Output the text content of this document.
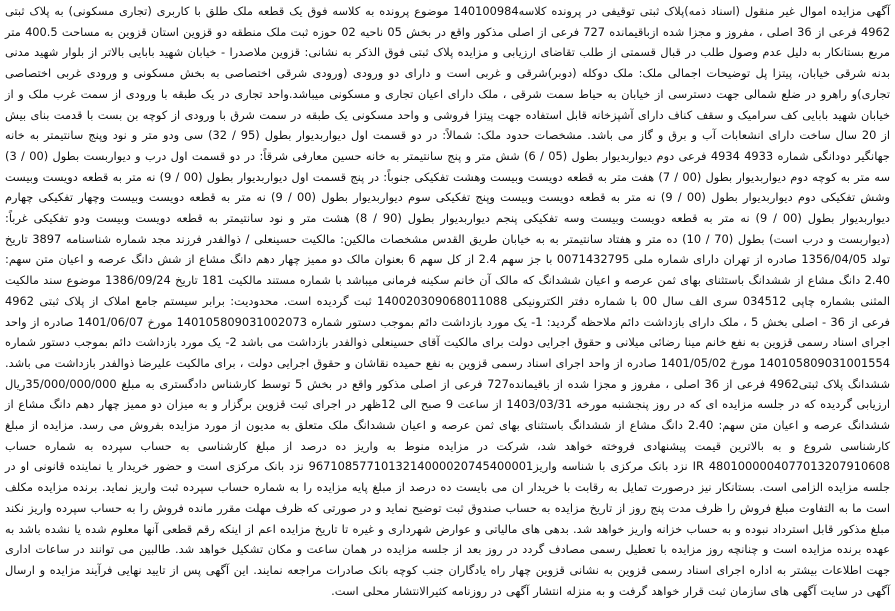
آگهی مزایده اموال غیر منقول (اسناد ذمه)پلاک ثبتی توقیفی در پرونده کلاسه140100984 موضوع پرونده به کلاسه فوق یک قطعه ملک طلق با کاربری (تجاری مسکونی) به پلاک ثبتی 4962 فرعی از 36 اصلی ، مفروز و مجزا شده ازباقیمانده 727 فرعی از اصلی مذکور واقع در بخش 05 ناحیه 02 حوزه ثبت ملک منطقه دو قزوین استان قزوین به مساحت 400.5 متر مربع بستانکار به دلیل عدم وصول طلب در قبال قسمتی از طلب تقاضای ارزیابی و مزایده پلاک ثبتی فوق الذکر به نشانی: قزوین ملاصدرا - خیابان شهید بابایی بالاتر از بلوار شهید مدنی بدنه شرقی خیابان، پیتزا پل توضیحات اجمالی ملک: ملک دوکله (دوبر)شرقی و غربی است و دارای دو ورودی (ورودی شرقی اختصاصی به بخش مسکونی و ورودی غربی اختصاصی تجاری)و راهرو در ضلع شمالی جهت دسترسی از خیابان به حیاط سمت شرقی ، ملک دارای اعیان تجاری و مسکونی میباشد.واحد تجاری در یک طبقه با ورودی از سمت غرب ملک و از خیابان شهید بابایی کف سرامیک و سقف کناف دارای آشپزخانه قابل استفاده جهت پیتزا فروشی و واحد مسکونی یک طبقه در سمت شرق با ورودی از کوچه بن بست با قدمت بنای بیش از 20 سال ساخت دارای انشعابات آب و برق و گاز می باشد. مشخصات حدود ملک: شمالاً: در دو قسمت اول دیواربدیوار بطول (95 / 32) سی ودو متر و نود وپنج سانتیمتر به خانه جهانگیر دودانگی شماره 4933 4934 فرعی دوم دیواربدیوار بطول (05 / 6) شش متر و پنج سانتیمتر به خانه حسین معارفی شرقاً: در دو قسمت اول درب و دیواربست بطول (00 / 3) سه متر به کوچه دوم دیواربدیوار بطول (00 / 7) هفت متر به قطعه دویست وبیست وهشت تفکیکی جنوباً: در پنج قسمت اول دیواربدیوار بطول (00 / 9) نه متر به قطعه دویست وبیست وشش تفکیکی دوم دیواربدیوار بطول (00 / 9) نه متر به قطعه دویست وبیست وپنج تفکیکی سوم دیواربدیوار بطول (00 / 9) نه متر به قطعه دویست وبیست وچهار تفکیکی چهارم دیواربدیوار بطول (00 / 9) نه متر به قطعه دویست وبیست وسه تفکیکی پنجم دیواربدیوار بطول (90 / 8) هشت متر و نود سانتیمتر به قطعه دویست وبیست ودو تفکیکی غرباً: (دیواربست و درب است) بطول (70 / 10) ده متر و هفتاد سانتیمتر به به خیابان طریق القدس مشخصات مالکین: مالکیت حسینعلی / ذوالفدر فرزند مجد شماره شناسنامه 3897 تاریخ تولد 1356/04/05 صادره از تهران دارای شماره ملی 0071432795 با جز سهم 2.4 از کل سهم 6 بعنوان مالک دو ممیز چهار دهم دانگ مشاع از شش دانگ عرصه و اعیان متن سهم: 2.40 دانگ مشاع از ششدانگ باستثنای بهای ثمن عرصه و اعیان ششدانگ که مالک آن خانم سکینه فرمانی میباشد با شماره مستند مالکیت 181 تاریخ 1386/09/24 موضوع سند مالکیت المثنی بشماره چاپی 034512 سری الف سال 00 با شماره دفتر الکترونیکی 140020309068011088 ثبت گردیده است. محدودیت: برابر سیستم جامع املاک از پلاک ثبتی 4962 فرعی از 36 - اصلی بخش 5 ، ملک دارای بازداشت دائم ملاحظه گردید: 1- یک مورد بازداشت دائم بموجب دستور شماره 140105809031002073 مورخ 1401/06/07 صادره از واحد اجرای اسناد رسمی قزوین به نفع خانم مینا رضائی میلانی و حقوق اجرایی دولت برای مالکیت آقای حسینعلی ذوالفدر بازداشت می باشد 2- یک مورد بازداشت دائم بموجب دستور شماره 140105809031001554 مورخ 1401/05/02 صادره از واحد اجرای اسناد رسمی قزوین به نفع حمیده نقاشان و حقوق اجرایی دولت ، برای مالکیت علیرضا ذوالفدر بازداشت می باشد. ششدانگ پلاک ثبتی4962 فرعی از 36 اصلی ، مفروز و مجزا شده از باقیمانده727 فرعی از اصلی مذکور واقع در بخش 5 توسط کارشناس دادگستری به مبلغ 35/000/000/000ریال ارزیابی گردیده که در جلسه مزایده ای که در روز پنجشنبه مورخه 1403/03/31 از ساعت 9 صبح الی 12ظهر در اجرای ثبت قزوین برگزار و به میزان دو ممیز چهار دهم دانگ مشاع از ششدانگ عرصه و اعیان متن سهم: 2.40 دانگ مشاع از ششدانگ باستثنای بهای ثمن عرصه و اعیان ششدانگ ملک متعلق به مدیون از مورد مزایده بفروش می رسد. مزایده از مبلغ کارشناسی شروع و به بالاترین قیمت پیشنهادی فروخته خواهد شد، شرکت در مزایده منوط به واریز ده درصد از مبلغ کارشناسی به حساب سپرده به شماره حساب 4801000004077013207910608 IR نزد بانک مرکزی با شناسه واریز9671085771013214000020745400001 نزد بانک مرکزی است و حضور خریدار یا نماینده قانونی او در جلسه مزایده الزامی است. بستانکار نیز درصورت تمایل به رقابت با خریدار ان می بایست ده درصد از مبلغ پایه مزایده را به شماره حساب سپرده ثبت واریز نماید. برنده مزایده مکلف است ما به التفاوت مبلغ فروش را ظرف مدت پنج روز از تاریخ مزایده به حساب صندوق ثبت توضیح نماید و در صورتی که ظرف مهلت مقرر مانده فروش را به حساب سپرده واریز نکند مبلغ مذکور قابل استرداد نبوده و به حساب خزانه واریز خواهد شد. بدهی های مالیاتی و عوارض شهرداری و غیره تا تاریخ مزایده اعم از اینکه رقم قطعی آنها معلوم شده یا نشده باشد به عهده برنده مزایده است و چنانچه روز مزایده با تعطیل رسمی مصادف گردد در روز بعد از جلسه مزایده در همان ساعت و مکان تشکیل خواهد شد. طالبین می توانند در ساعات اداری جهت اطلاعات بیشتر به اداره اجرای اسناد رسمی قزوین به نشانی قزوین چهار راه یادگاران جنب کوچه بانک صادرات مراجعه نمایند. این آگهی پس از تایید نهایی فرآیند مزایده و ارسال آگهی در سایت آگهی های سازمان ثبت قرار خواهد گرفت و به منزله انتشار آگهی در روزنامه کثیرالانتشار محلی است.
